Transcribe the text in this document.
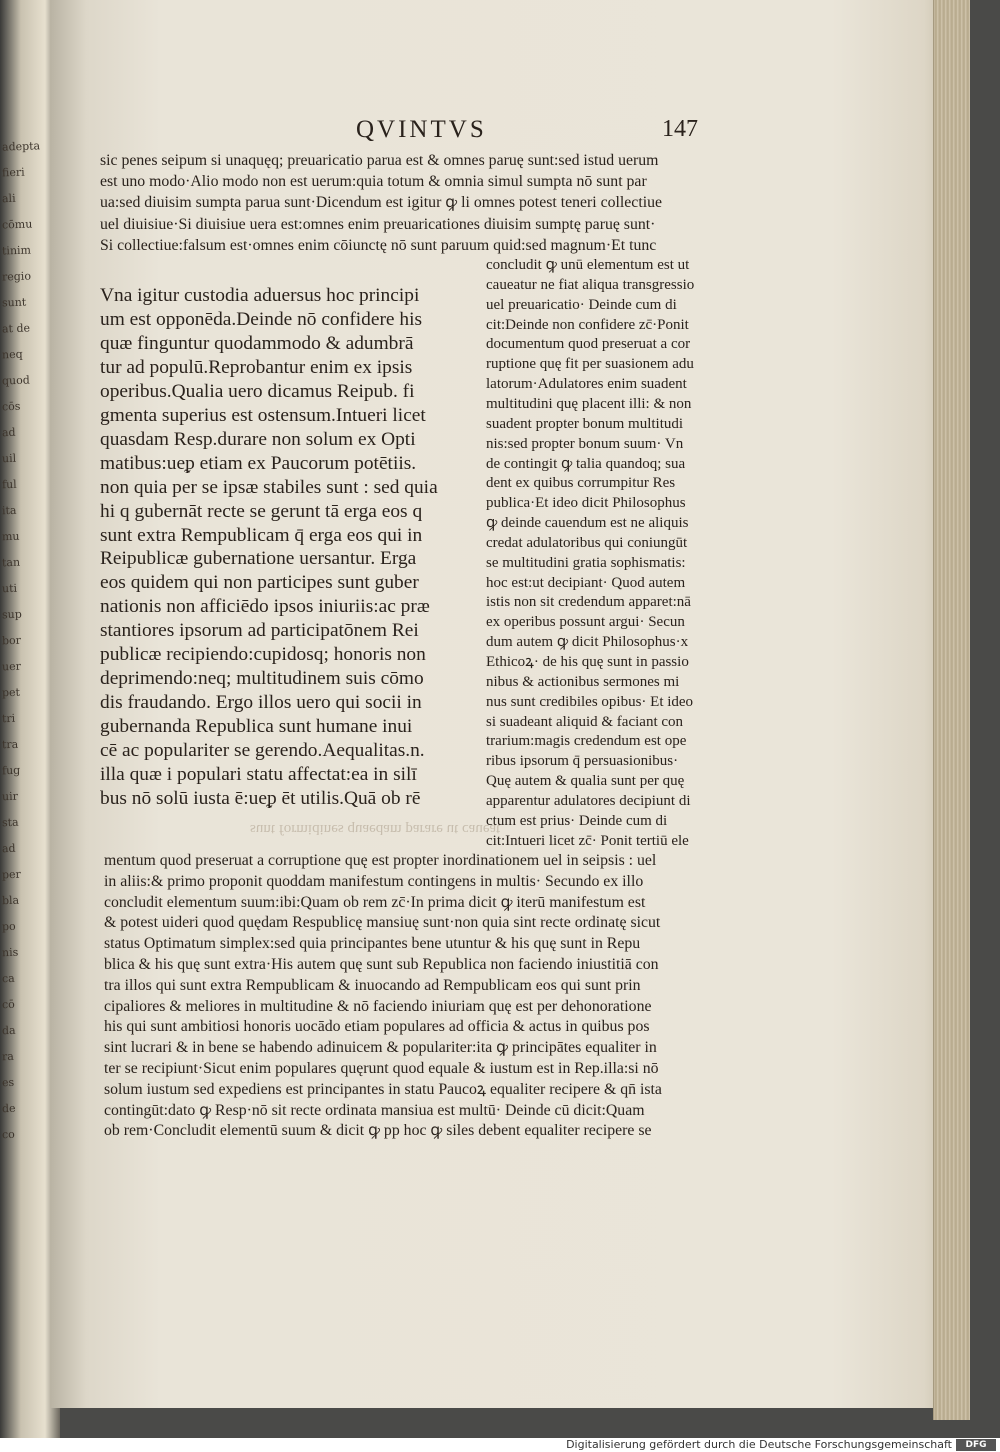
adepta
fieri
ali
cōmu
tinim
regio
sunt
at de
neq
quod
cōs
ad
uil
ful
ita
mu
tan
uti
sup
bor
uer
pet
tri
tra
fug
uir
sta
ad
per
bla
po
nis
ca
cō
da
ra
es
de
co
QVINTVS	147
sic penes seipum si unaquęq; preuaricatio parua est & omnes paruę sunt:sed istud uerum
est uno modo·Alio modo non est uerum:quia totum & omnia simul sumpta nō sunt par
ua:sed diuisim sumpta parua sunt·Dicendum est igitur ꝙ li omnes potest teneri collectiue
uel diuisiue·Si diuisiue uera est:omnes enim preuaricationes diuisim sumptę paruę sunt·
Si collectiue:falsum est·omnes enim cōiunctę nō sunt paruum quid:sed magnum·Et tunc
Vna igitur custodia aduersus hoc principi
um est opponēda.Deinde nō confidere his
quæ finguntur quodammodo & adumbrā
tur ad populū.Reprobantur enim ex ipsis
operibus.Qualia uero dicamus Reipub. fi
gmenta superius est ostensum.Intueri licet
quasdam Resp.durare non solum ex Opti
matibus:ueᵱ etiam ex Paucorum potētiis.
non quia per se ipsæ stabiles sunt : sed quia
hi q gubernāt recte se gerunt tā erga eos q
sunt extra Rempublicam q̄ erga eos qui in
Reipublicæ gubernatione uersantur. Erga
eos quidem qui non participes sunt guber
nationis non afficiēdo ipsos iniuriis:ac præ
stantiores ipsorum ad participatōnem Rei
publicæ recipiendo:cupidosq; honoris non
deprimendo:neq; multitudinem suis cōmo
dis fraudando. Ergo illos uero qui socii in
gubernanda Republica sunt humane inui
cē ac populariter se gerendo.Aequalitas.n.
illa quæ i populari statu affectat:ea in silī
bus nō solū iusta ē:ueᵱ ēt utilis.Quā ob rē
concludit ꝙ unū elementum est ut
caueatur ne fiat aliqua transgressio
uel preuaricatio· Deinde cum di
cit:Deinde non confidere zc̄·Ponit
documentum quod preseruat a cor
ruptione quę fit per suasionem adu
latorum·Adulatores enim suadent
multitudini quę placent illi: & non
suadent propter bonum multitudi
nis:sed propter bonum suum· Vn
de contingit ꝙ talia quandoq; sua
dent ex quibus corrumpitur Res
publica·Et ideo dicit Philosophus
ꝙ deinde cauendum est ne aliquis
credat adulatoribus qui coniungūt
se multitudini gratia sophismatis:
hoc est:ut decipiant· Quod autem
istis non sit credendum apparet:nā
ex operibus possunt argui· Secun
dum autem ꝙ dicit Philosophus·x
Ethicoꝝ· de his quę sunt in passio
nibus & actionibus sermones mi
nus sunt credibiles opibus· Et ideo
si suadeant aliquid & faciant con
trarium:magis credendum est ope
ribus ipsorum q̄ persuasionibus·
Quę autem & qualia sunt per quę
apparentur adulatores decipiunt di
ctum est prius· Deinde cum di
cit:Intueri licet zc̄· Ponit tertiū ele
mentum quod preseruat a corruptione quę est propter inordinationem uel in seipsis : uel
in aliis:& primo proponit quoddam manifestum contingens in multis· Secundo ex illo
concludit elementum suum:ibi:Quam ob rem zc̄·In prima dicit ꝙ iterū manifestum est
& potest uideri quod quędam Respublicę mansiuę sunt·non quia sint recte ordinatę sicut
status Optimatum simplex:sed quia principantes bene utuntur & his quę sunt in Repu
blica & his quę sunt extra·His autem quę sunt sub Republica non faciendo iniustitiā con
tra illos qui sunt extra Rempublicam & inuocando ad Rempublicam eos qui sunt prin
cipaliores & meliores in multitudine & nō faciendo iniuriam quę est per dehonoratione
his qui sunt ambitiosi honoris uocādo etiam populares ad officia & actus in quibus pos
sint lucrari & in bene se habendo adinuicem & populariter:ita ꝙ principātes equaliter in
ter se recipiunt·Sicut enim populares quęrunt quod equale & iustum est in Rep.illa:si nō
solum iustum sed expediens est principantes in statu Paucoꝝ equaliter recipere & qn̄ ista
contingūt:dato ꝙ Resp·nō sit recte ordinata mansiua est multū· Deinde cū dicit:Quam
ob rem·Concludit elementū suum & dicit ꝙ pp hoc ꝙ siles debent equaliter recipere se
sunt formidines quaedam parare ut caueat
Digitalisierung gefördert durch die Deutsche Forschungsgemeinschaft	DFG
